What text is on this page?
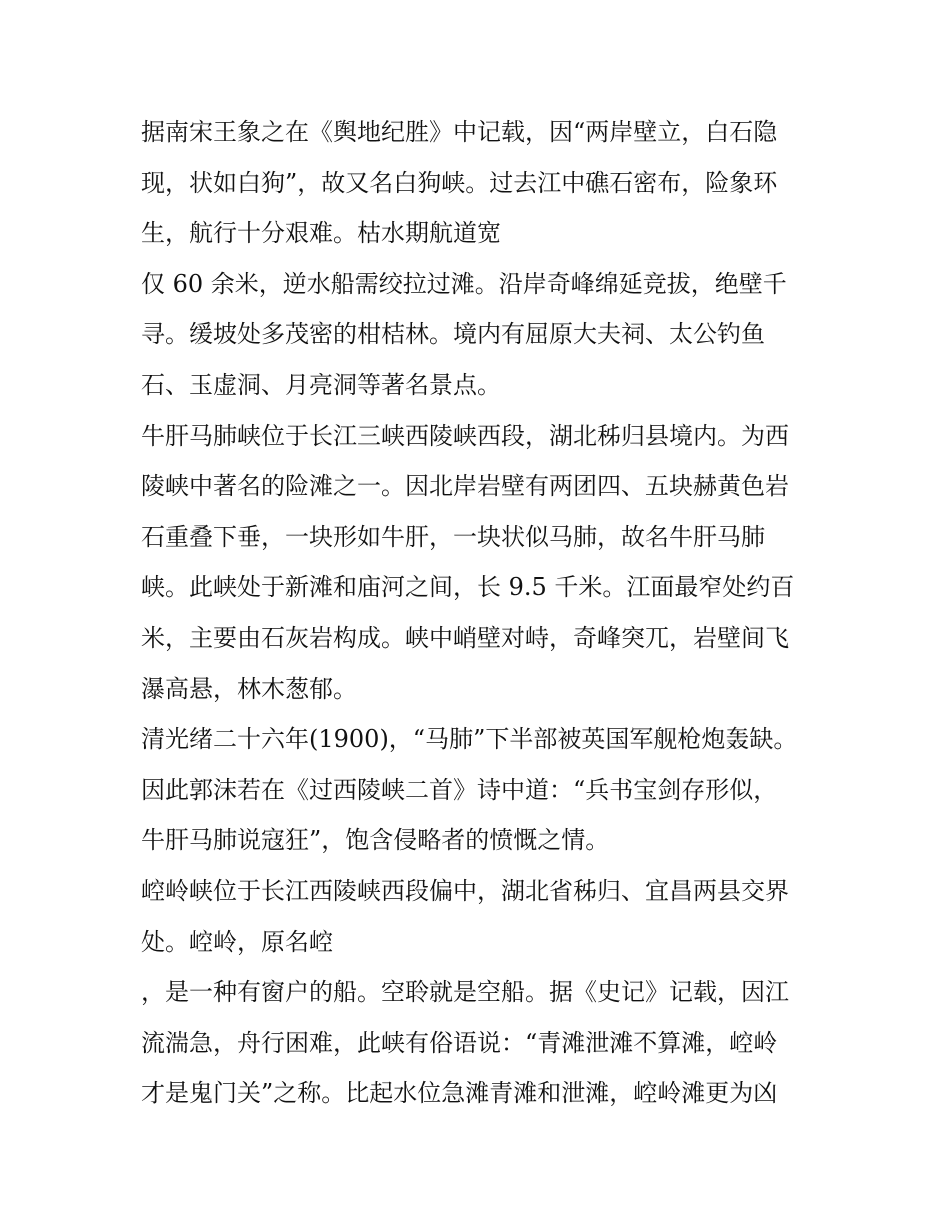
据南宋王象之在《舆地纪胜》中记载，因“两岸壁立，白石隐
现，状如白狗”，故又名白狗峡。过去江中礁石密布，险象环
生，航行十分艰难。枯水期航道宽
仅 60 余米，逆水船需绞拉过滩。沿岸奇峰绵延竞拔，绝壁千
寻。缓坡处多茂密的柑桔林。境内有屈原大夫祠、太公钓鱼
石、玉虚洞、月亮洞等著名景点。
牛肝马肺峡位于长江三峡西陵峡西段，湖北秭归县境内。为西
陵峡中著名的险滩之一。因北岸岩壁有两团四、五块赫黄色岩
石重叠下垂，一块形如牛肝，一块状似马肺，故名牛肝马肺
峡。此峡处于新滩和庙河之间，长 9.5 千米。江面最窄处约百
米，主要由石灰岩构成。峡中峭壁对峙，奇峰突兀，岩壁间飞
瀑高悬，林木葱郁。
清光绪二十六年(1900)，“马肺”下半部被英国军舰枪炮轰缺。
因此郭沫若在《过西陵峡二首》诗中道：“兵书宝剑存形似，
牛肝马肺说寇狂”，饱含侵略者的愤慨之情。
崆岭峡位于长江西陵峡西段偏中，湖北省秭归、宜昌两县交界
处。崆岭，原名崆
，是一种有窗户的船。空聆就是空船。据《史记》记载，因江
流湍急，舟行困难，此峡有俗语说：“青滩泄滩不算滩，崆岭
才是鬼门关”之称。比起水位急滩青滩和泄滩，崆岭滩更为凶
